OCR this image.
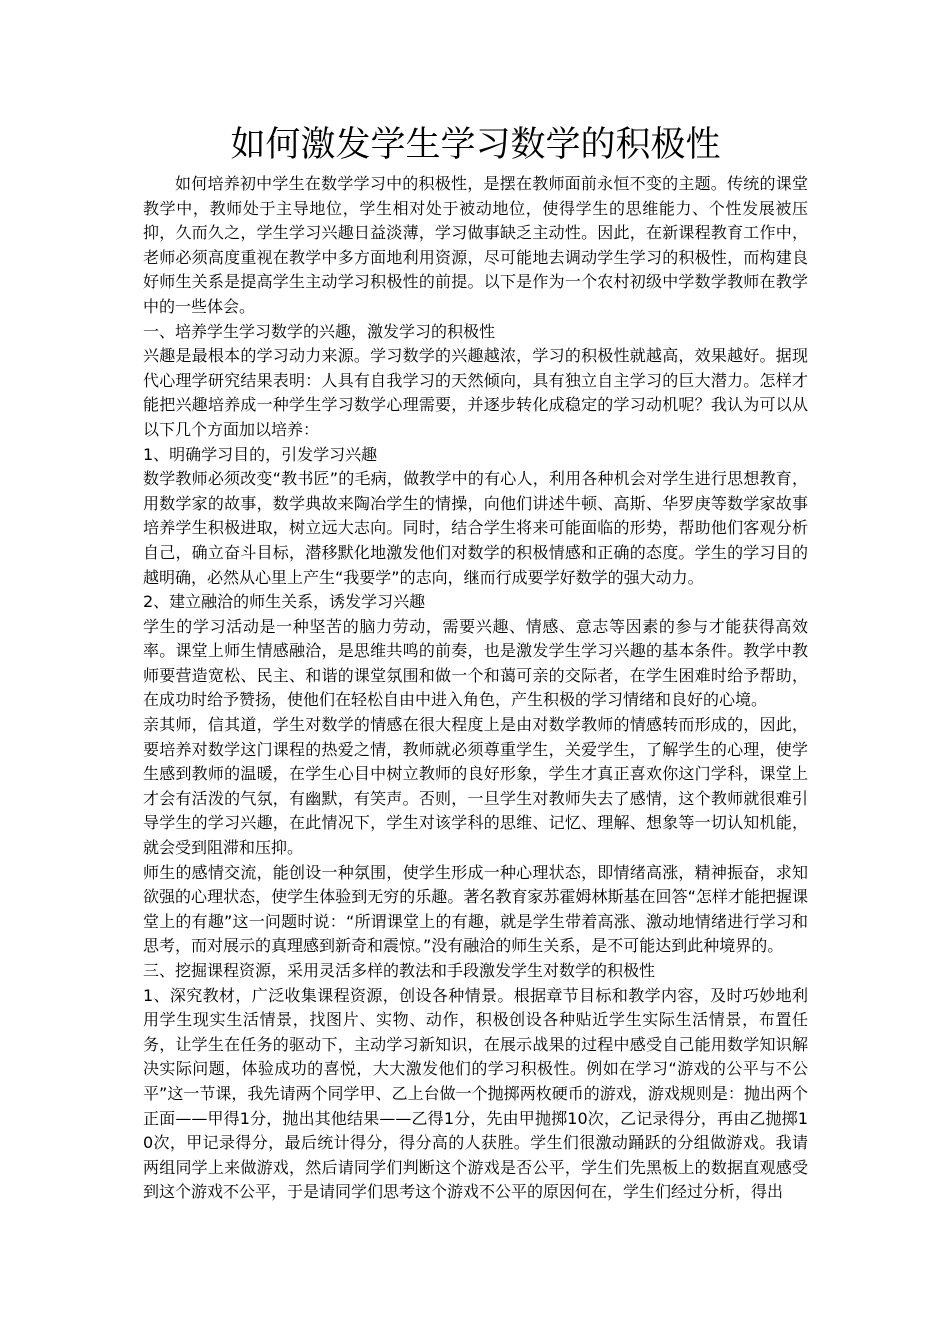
如何激发学生学习数学的积极性

如何培养初中学生在数学学习中的积极性，是摆在教师面前永恒不变的主题。传统的课堂教学中，教师处于主导地位，学生相对处于被动地位，使得学生的思维能力、个性发展被压抑，久而久之，学生学习兴趣日益淡薄，学习做事缺乏主动性。因此，在新课程教育工作中，老师必须高度重视在教学中多方面地利用资源，尽可能地去调动学生学习的积极性，而构建良好师生关系是提高学生主动学习积极性的前提。以下是作为一个农村初级中学数学教师在教学中的一些体会。

一、培养学生学习数学的兴趣，激发学习的积极性

兴趣是最根本的学习动力来源。学习数学的兴趣越浓，学习的积极性就越高，效果越好。据现代心理学研究结果表明：人具有自我学习的天然倾向，具有独立自主学习的巨大潜力。怎样才能把兴趣培养成一种学生学习数学心理需要，并逐步转化成稳定的学习动机呢？我认为可以从以下几个方面加以培养：

1、明确学习目的，引发学习兴趣

数学教师必须改变“教书匠”的毛病，做教学中的有心人，利用各种机会对学生进行思想教育，用数学家的故事，数学典故来陶冶学生的情操，向他们讲述牛顿、高斯、华罗庚等数学家故事培养学生积极进取，树立远大志向。同时，结合学生将来可能面临的形势，帮助他们客观分析自己，确立奋斗目标，潜移默化地激发他们对数学的积极情感和正确的态度。学生的学习目的越明确，必然从心里上产生“我要学”的志向，继而行成要学好数学的强大动力。

2、建立融洽的师生关系，诱发学习兴趣

学生的学习活动是一种坚苦的脑力劳动，需要兴趣、情感、意志等因素的参与才能获得高效率。课堂上师生情感融洽，是思维共鸣的前奏，也是激发学生学习兴趣的基本条件。教学中教师要营造宽松、民主、和谐的课堂氛围和做一个和蔼可亲的交际者，在学生困难时给予帮助，在成功时给予赞扬，使他们在轻松自由中进入角色，产生积极的学习情绪和良好的心境。

亲其师，信其道，学生对数学的情感在很大程度上是由对数学教师的情感转而形成的，因此，要培养对数学这门课程的热爱之情，教师就必须尊重学生，关爱学生，了解学生的心理，使学生感到教师的温暖，在学生心目中树立教师的良好形象，学生才真正喜欢你这门学科，课堂上才会有活泼的气氛，有幽默，有笑声。否则，一旦学生对教师失去了感情，这个教师就很难引导学生的学习兴趣，在此情况下，学生对该学科的思维、记忆、理解、想象等一切认知机能，就会受到阻滞和压抑。

师生的感情交流，能创设一种氛围，使学生形成一种心理状态，即情绪高涨，精神振奋，求知欲强的心理状态，使学生体验到无穷的乐趣。著名教育家苏霍姆林斯基在回答“怎样才能把握课堂上的有趣”这一问题时说：“所谓课堂上的有趣，就是学生带着高涨、激动地情绪进行学习和思考，而对展示的真理感到新奇和震惊。”没有融洽的师生关系，是不可能达到此种境界的。

三、挖掘课程资源，采用灵活多样的教法和手段激发学生对数学的积极性

1、深究教材，广泛收集课程资源，创设各种情景。根据章节目标和教学内容，及时巧妙地利用学生现实生活情景，找图片、实物、动作，积极创设各种贴近学生实际生活情景，布置任务，让学生在任务的驱动下，主动学习新知识，在展示战果的过程中感受自己能用数学知识解决实际问题，体验成功的喜悦，大大激发他们的学习积极性。例如在学习“游戏的公平与不公平”这一节课，我先请两个同学甲、乙上台做一个抛掷两枚硬币的游戏，游戏规则是：抛出两个正面——甲得1分，抛出其他结果——乙得1分，先由甲抛掷10次，乙记录得分，再由乙抛掷10次，甲记录得分，最后统计得分，得分高的人获胜。学生们很激动踊跃的分组做游戏。我请两组同学上来做游戏，然后请同学们判断这个游戏是否公平，学生们先黑板上的数据直观感受到这个游戏不公平，于是请同学们思考这个游戏不公平的原因何在，学生们经过分析，得出
